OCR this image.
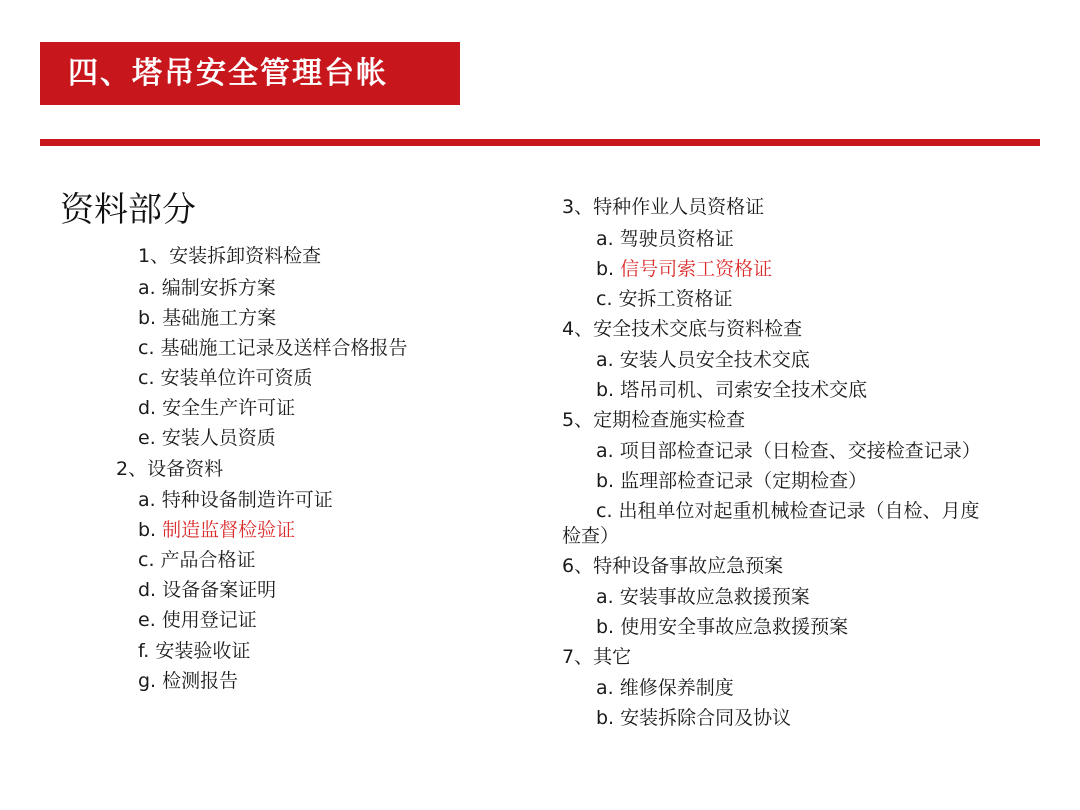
四、塔吊安全管理台帐
资料部分
1、安装拆卸资料检查
a. 编制安拆方案
b. 基础施工方案
c. 基础施工记录及送样合格报告
c. 安装单位许可资质
d. 安全生产许可证
e. 安装人员资质
2、设备资料
a. 特种设备制造许可证
b. 制造监督检验证
c. 产品合格证
d. 设备备案证明
e. 使用登记证
f. 安装验收证
g. 检测报告
3、特种作业人员资格证
a. 驾驶员资格证
b. 信号司索工资格证
c. 安拆工资格证
4、安全技术交底与资料检查
a. 安装人员安全技术交底
b. 塔吊司机、司索安全技术交底
5、定期检查施实检查
a. 项目部检查记录（日检查、交接检查记录）
b. 监理部检查记录（定期检查）
c. 出租单位对起重机械检查记录（自检、月度
检查）
6、特种设备事故应急预案
a. 安装事故应急救援预案
b. 使用安全事故应急救援预案
7、其它
a. 维修保养制度
b. 安装拆除合同及协议
